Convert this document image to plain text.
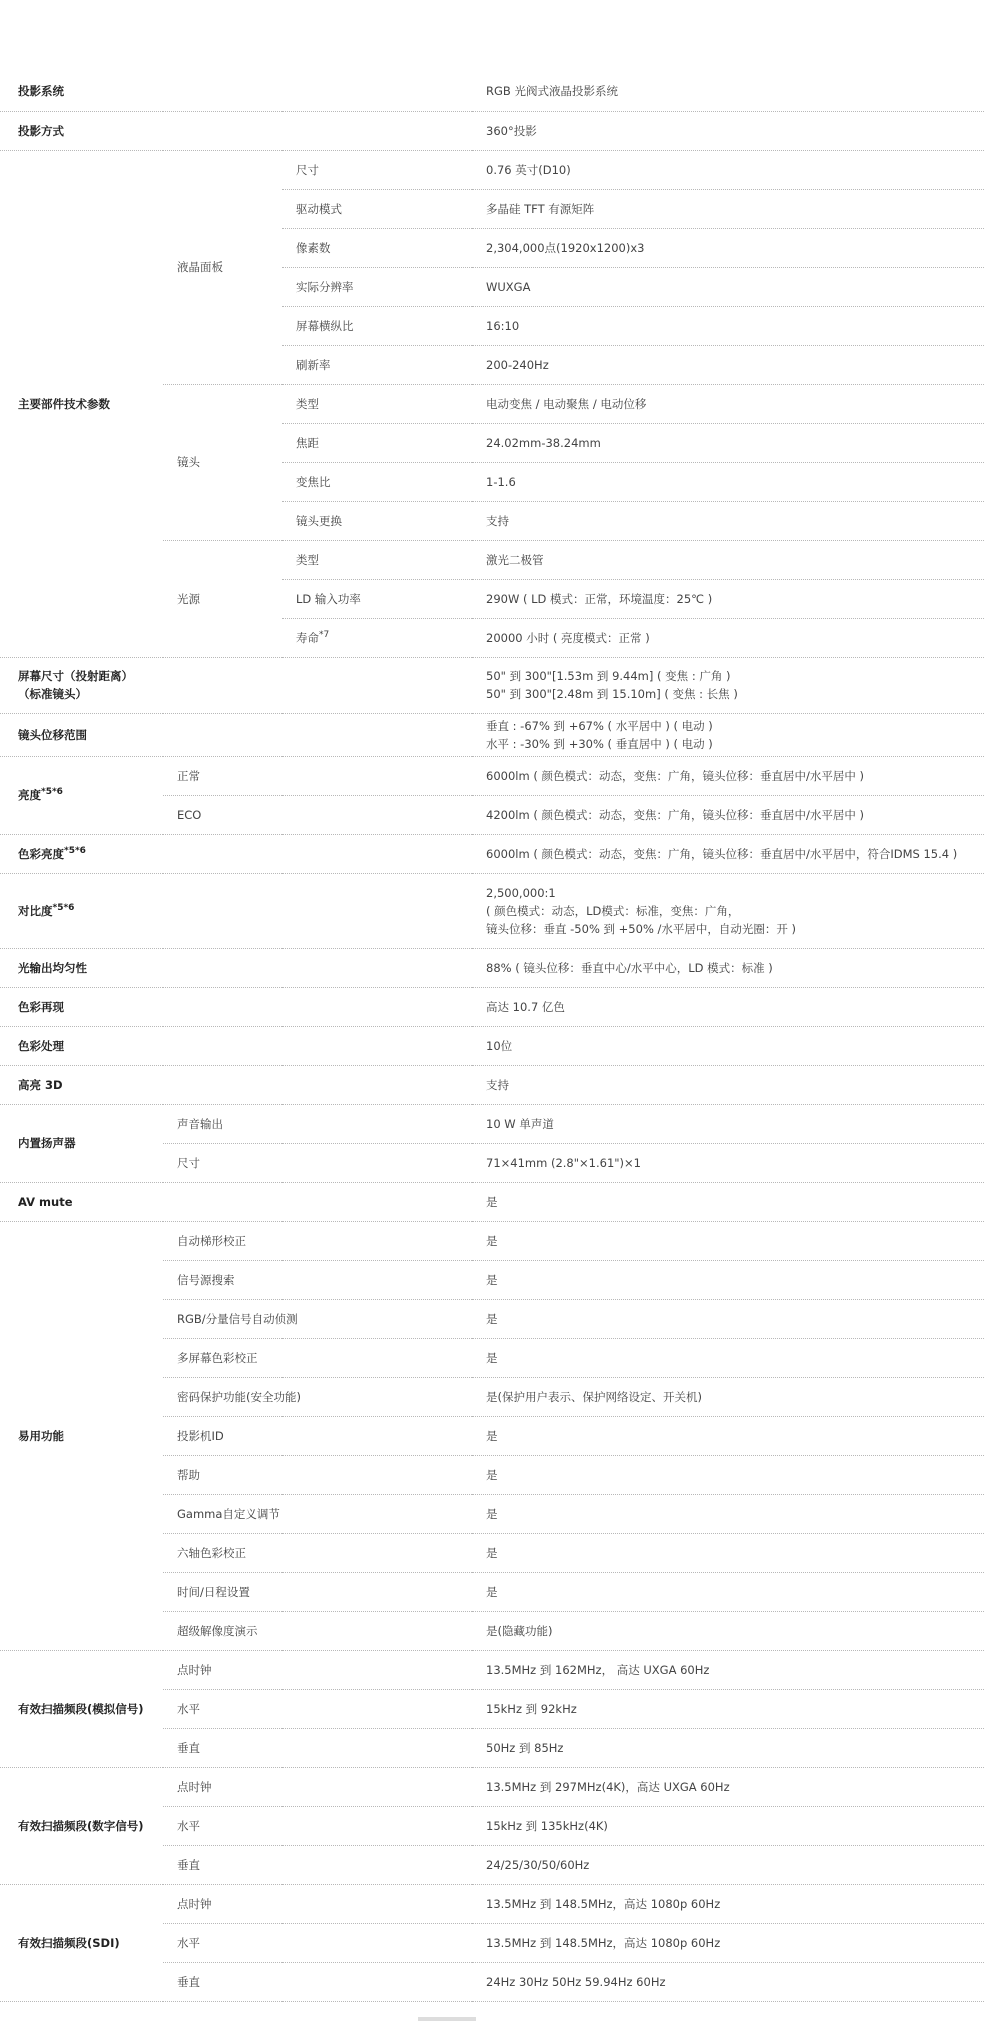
投影系统			RGB 光阀式液晶投影系统
投影方式			360°投影
主要部件技术参数	液晶面板	尺寸	0.76 英寸(D10)
		驱动模式	多晶硅 TFT 有源矩阵
		像素数	2,304,000点(1920x1200)x3
		实际分辨率	WUXGA
		屏幕横纵比	16:10
		刷新率	200-240Hz
	镜头	类型	电动变焦 / 电动聚焦 / 电动位移
		焦距	24.02mm-38.24mm
		变焦比	1-1.6
		镜头更换	支持
	光源	类型	激光二极管
		LD 输入功率	290W ( LD 模式：正常，环境温度：25℃ )
		寿命$^{*7}$	20000 小时 ( 亮度模式：正常 )
屏幕尺寸（投射距离）
（标准镜头）			50" 到 300"[1.53m 到 9.44m] ( 变焦 : 广角 )
50" 到 300"[2.48m 到 15.10m] ( 变焦 : 长焦 )
镜头位移范围			垂直 : -67% 到 +67% ( 水平居中 ) ( 电动 )
水平 : -30% 到 +30% ( 垂直居中 ) ( 电动 )
亮度$^{*5*6}$	正常		6000lm ( 颜色模式：动态，变焦：广角，镜头位移：垂直居中/水平居中 )
	ECO		4200lm ( 颜色模式：动态，变焦：广角，镜头位移：垂直居中/水平居中 )
色彩亮度$^{*5*6}$			6000lm ( 颜色模式：动态，变焦：广角，镜头位移：垂直居中/水平居中，符合IDMS 15.4 )
对比度$^{*5*6}$			2,500,000:1
( 颜色模式：动态，LD模式：标准，变焦：广角，
镜头位移：垂直 -50% 到 +50% /水平居中，自动光圈：开 )
光输出均匀性			88% ( 镜头位移：垂直中心/水平中心，LD 模式：标准 )
色彩再现			高达 10.7 亿色
色彩处理			10位
高亮 3D			支持
内置扬声器	声音输出		10 W 单声道
	尺寸		71×41mm (2.8"×1.61")×1
AV mute			是
易用功能	自动梯形校正		是
	信号源搜索		是
	RGB/分量信号自动侦测		是
	多屏幕色彩校正		是
	密码保护功能(安全功能)		是(保护用户表示、保护网络设定、开关机)
	投影机ID		是
	帮助		是
	Gamma自定义调节		是
	六轴色彩校正		是
	时间/日程设置		是
	超级解像度演示		是(隐藏功能)
有效扫描频段(模拟信号)	点时钟		13.5MHz 到 162MHz， 高达 UXGA 60Hz
	水平		15kHz 到 92kHz
	垂直		50Hz 到 85Hz
有效扫描频段(数字信号)	点时钟		13.5MHz 到 297MHz(4K)，高达 UXGA 60Hz
	水平		15kHz 到 135kHz(4K)
	垂直		24/25/30/50/60Hz
有效扫描频段(SDI)	点时钟		13.5MHz 到 148.5MHz，高达 1080p 60Hz
	水平		13.5MHz 到 148.5MHz，高达 1080p 60Hz
	垂直		24Hz 30Hz 50Hz 59.94Hz 60Hz
